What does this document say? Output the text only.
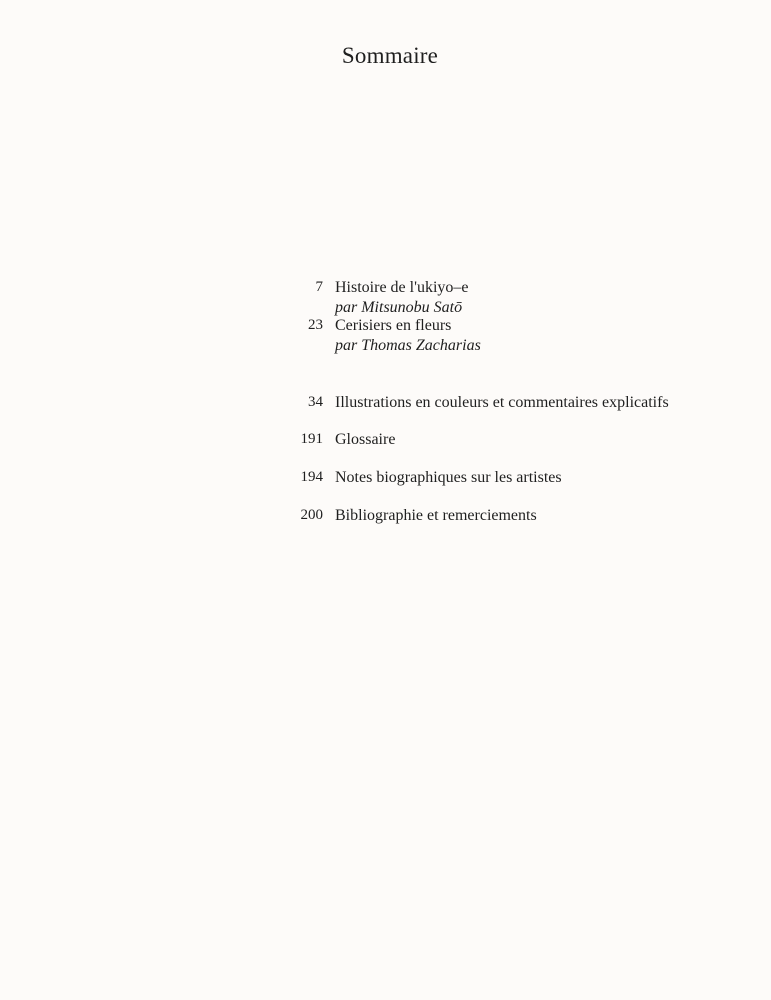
Sommaire
7 Histoire de l'ukiyo–e
par Mitsunobu Satō
23 Cerisiers en fleurs
par Thomas Zacharias
34 Illustrations en couleurs et commentaires explicatifs
191 Glossaire
194 Notes biographiques sur les artistes
200 Bibliographie et remerciements
